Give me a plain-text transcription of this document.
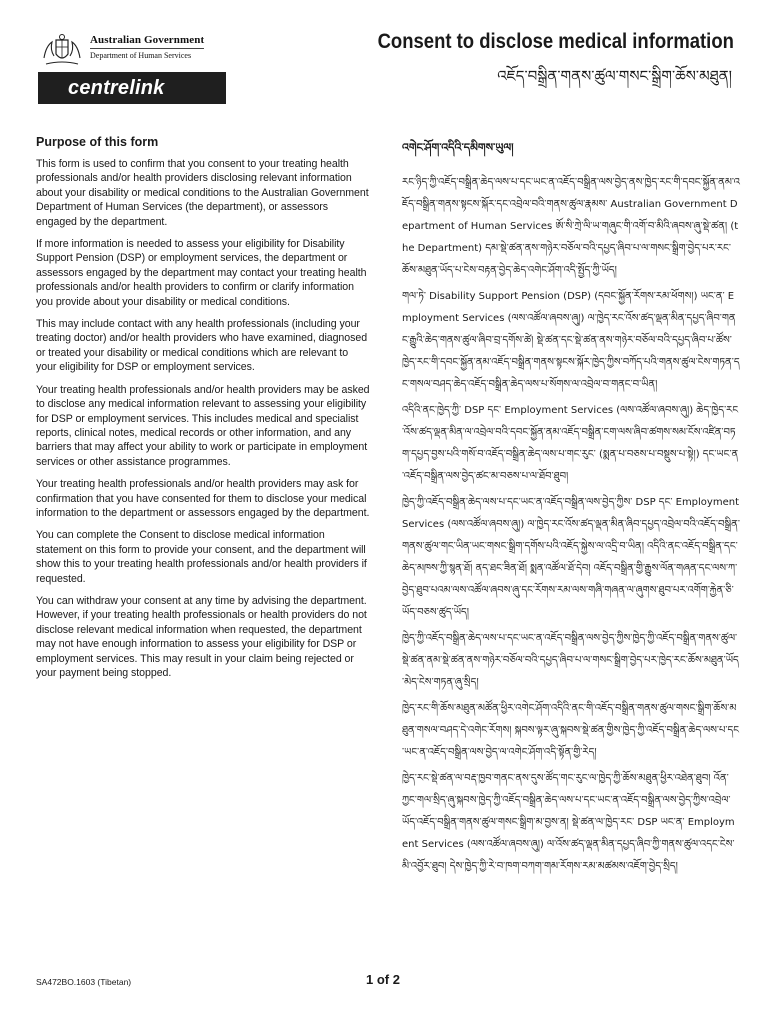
Australian Government
Department of Human Services
centrelink
Consent to disclose medical information
འཇོད་བསྒྲིན་གནས་ཚུལ་གསང་སྒྲིག་ཆོས་མཐུན།
Purpose of this form

This form is used to confirm that you consent to your treating health professionals and/or health providers disclosing relevant information about your disability or medical conditions to the Australian Government Department of Human Services (the department), or assessors engaged by the department.

If more information is needed to assess your eligibility for Disability Support Pension (DSP) or employment services, the department or assessors engaged by the department may contact your treating health professionals and/or health providers to confirm or clarify information you provide about your disability or medical conditions.

This may include contact with any health professionals (including your treating doctor) and/or health providers who have examined, diagnosed or treated your disability or medical conditions which are relevant to your eligibility for DSP or employment services.

Your treating health professionals and/or health providers may be asked to disclose any medical information relevant to assessing your eligibility for DSP or employment services. This includes medical and specialist reports, clinical notes, medical records or other information, and any barriers that may affect your ability to work or participate in employment services or other assistance programmes.

Your treating health professionals and/or health providers may ask for confirmation that you have consented for them to disclose your medical information to the department or assessors engaged by the department.

You can complete the Consent to disclose medical information statement on this form to provide your consent, and the department will show this to your treating health professionals and/or health providers if requested.

You can withdraw your consent at any time by advising the department. However, if your treating health professionals or health providers do not disclose relevant medical information when requested, the department may not have enough information to assess your eligibility for DSP or employment services. This may result in your claim being rejected or your payment being stopped.

འགེང་ཤོག་འདིའི་དམིགས་ཡུལ།

རང་ཉིད་ཀྱི་འཇོད་བསྒྲིན་ཆེད་ལས་པ་དང་ཡང་ན་འཇོད་བསྒྲིན་ལས་བྱེད་ནས་ཁྱེད་རང་གི་དབང་སྐྱོན་ནམ་འཇོད་བསྒྲིན་གནས་སྟངས་སྐོར་དང་འབྲེལ་བའི་གནས་ཚུལ་རྣམས་ Australian Government Department of Human Services ཨོ་སི་ཀྲེ་ལི་ཡ་གཞུང་གི་འགོ་བ་མིའི་ཞབས་ཞུ་སྡེ་ཚན། (the Department) དམ་སྡེ་ཚན་ནས་གཉེར་བཅོལ་བའི་དཔྱད་ཞིབ་པ་ལ་གསང་སྒྲིག་བྱེད་པར་རང་ཆོས་མཐུན་ཡོད་པ་ངེས་བརྟན་བྱེད་ཆེད་འགེང་ཤོག་འདི་སྤྱོད་ཀྱི་ཡོད།

གལ་ཏེ་ Disability Support Pension (DSP) (དབང་སྐྱོན་རོགས་རམ་ཕོགས།) ཡང་ན་ Employment Services (ལས་འཚོལ་ཞབས་ཞུ།) ལ་ཁྱེད་རང་འོས་ཚད་ལྡན་མིན་དཔྱད་ཞིབ་གནང་རྒྱུའི་ཆེད་གནས་ཚུལ་ཞིབ་བྲ་དགོས་ཚེ། སྡེ་ཚན་དང་སྡེ་ཚན་ནས་གཉེར་བཅོལ་བའི་དཔྱད་ཞིབ་པ་ཚོས་ཁྱེད་རང་གི་དབང་སྐྱོན་ནམ་འཇོད་བསྒྲིན་གནས་སྟངས་སྐོར་ཁྱེད་ཀྱིས་བཀོད་པའི་གནས་ཚུལ་ངེས་གཏན་དང་གསལ་བཤད་ཆེད་འཇོད་བསྒྲིན་ཆེད་ལས་པ་སོགས་ལ་འབྲེལ་བ་གནང་བ་ཡིན།

འདིའི་ནང་ཁྱེད་ཀྱི་ DSP དང་ Employment Services (ལས་འཚོལ་ཞབས་ཞུ།) ཆེད་ཁྱེད་རང་འོས་ཚད་ལྡན་མིན་ལ་འབྲེལ་བའི་དབང་སྐྱོན་ནམ་འཇོད་བསྒྲིན་ངག་ལས་ཞིབ་ཚགས་སམ་ངོས་འཛིན་བཏག་དཔྱད་བྱས་པའི་གསོ་བ་འཇོད་བསྒྲིན་ཆེད་ལས་པ་གང་རུང་ (སྨན་པ་བཅས་པ་བསྡུས་པ་སྟེ།) དང་ཡང་ན་འཇོད་བསྒྲིན་ལས་བྱེད་ཚང་མ་བཅས་པ་ལ་ཐོབ་ཐུབ།

ཁྱེད་ཀྱི་འཇོད་བསྒྲིན་ཆེད་ལས་པ་དང་ཡང་ན་འཇོད་བསྒྲིན་ལས་བྱེད་ཀྱིས་ DSP དང་ Employment Services (ལས་འཚོལ་ཞབས་ཞུ།) ལ་ཁྱེད་རང་འོས་ཚད་ལྡན་མིན་ཞིབ་དཔྱད་འབྲེལ་བའི་འཇོད་བསྒྲིན་གནས་ཚུལ་གང་ཡིན་ཡང་གསང་སྒྲིག་དགོས་པའི་འཇོད་སྐྱེས་ལ་འདྲི་བ་ཡིན། འདིའི་ནང་འཇོད་བསྒྲིན་དང་ཆེད་མཁས་ཀྱི་སྙན་ཐོ། ནད་ཐང་ཟིན་ཐོ། སྨན་འཚོལ་ཐོ་དེབ། འཇོད་བསྒྲིན་གྱི་རྒྱུས་ལོན་གཞན་དང་ལས་ཀ་བྱེད་ཐུབ་པའམ་ལས་འཚོལ་ཞབས་ཞུ་དང་རོགས་རམ་ལས་གཞི་གཞན་ལ་ཞུགས་ཐུབ་པར་འགོག་རྐྱེན་ཅི་ཡོད་བཅས་ཚུད་ཡོད།

ཁྱེད་ཀྱི་འཇོད་བསྒྲིན་ཆེད་ལས་པ་དང་ཡང་ན་འཇོད་བསྒྲིན་ལས་བྱེད་ཀྱིས་ཁྱེད་ཀྱི་འཇོད་བསྒྲིན་གནས་ཚུལ་སྡེ་ཚན་ནམ་སྡེ་ཚན་ནས་གཉེར་བཅོལ་བའི་དཔྱད་ཞིབ་པ་ལ་གསང་སྒྲིག་བྱེད་པར་ཁྱེད་རང་ཆོས་མཐུན་ཡོད་མེད་ངེས་གཏན་ཞུ་སྲིད།

ཁྱེད་རང་གི་ཆོས་མཐུན་མཚོན་ཕྱིར་འགེང་ཤོག་འདིའི་ནང་གི་འཇོད་བསྒྲིན་གནས་ཚུལ་གསང་སྒྲིག་ཆོས་མཐུན་གསལ་བཤད་དེ་འགེང་རོགས། སྐབས་ལྟར་ཞུ་སྐབས་སྡེ་ཚན་གྱིས་ཁྱེད་ཀྱི་འཇོད་བསྒྲིན་ཆེད་ལས་པ་དང་ཡང་ན་འཇོད་བསྒྲིན་ལས་བྱེད་ལ་འགེང་ཤོག་འདི་སྟོན་གྱི་རེད།

ཁྱེད་རང་སྡེ་ཚན་ལ་བརྡ་ཁྱབ་གནང་ནས་དུས་ཚོད་གང་རུང་ལ་ཁྱེད་ཀྱི་ཆོས་མཐུན་ཕྱིར་འཐེན་ཐུབ། འོན་ཀྱང་གལ་སྲིད་ཞུ་སྐབས་ཁྱེད་ཀྱི་འཇོད་བསྒྲིན་ཆེད་ལས་པ་དང་ཡང་ན་འཇོད་བསྒྲིན་ལས་བྱེད་ཀྱིས་འབྲེལ་ཡོད་འཇོད་བསྒྲིན་གནས་ཚུལ་གསང་སྒྲིག་མ་བྱས་ན། སྡེ་ཚན་ལ་ཁྱེད་རང་ DSP ཡང་ན་ Employment Services (ལས་འཚོལ་ཞབས་ཞུ།) ལ་འོས་ཚད་ལྡན་མིན་དཔྱད་ཞིབ་ཀྱི་གནས་ཚུལ་འདང་ངེས་མི་འབྱོར་ཐུབ། དེས་ཁྱེད་ཀྱི་རེ་བ་ཁག་བཀག་གམ་རོགས་རམ་མཚམས་འཇོག་བྱེད་སྲིད།

SA472BO.1603 (Tibetan)	1 of 2
